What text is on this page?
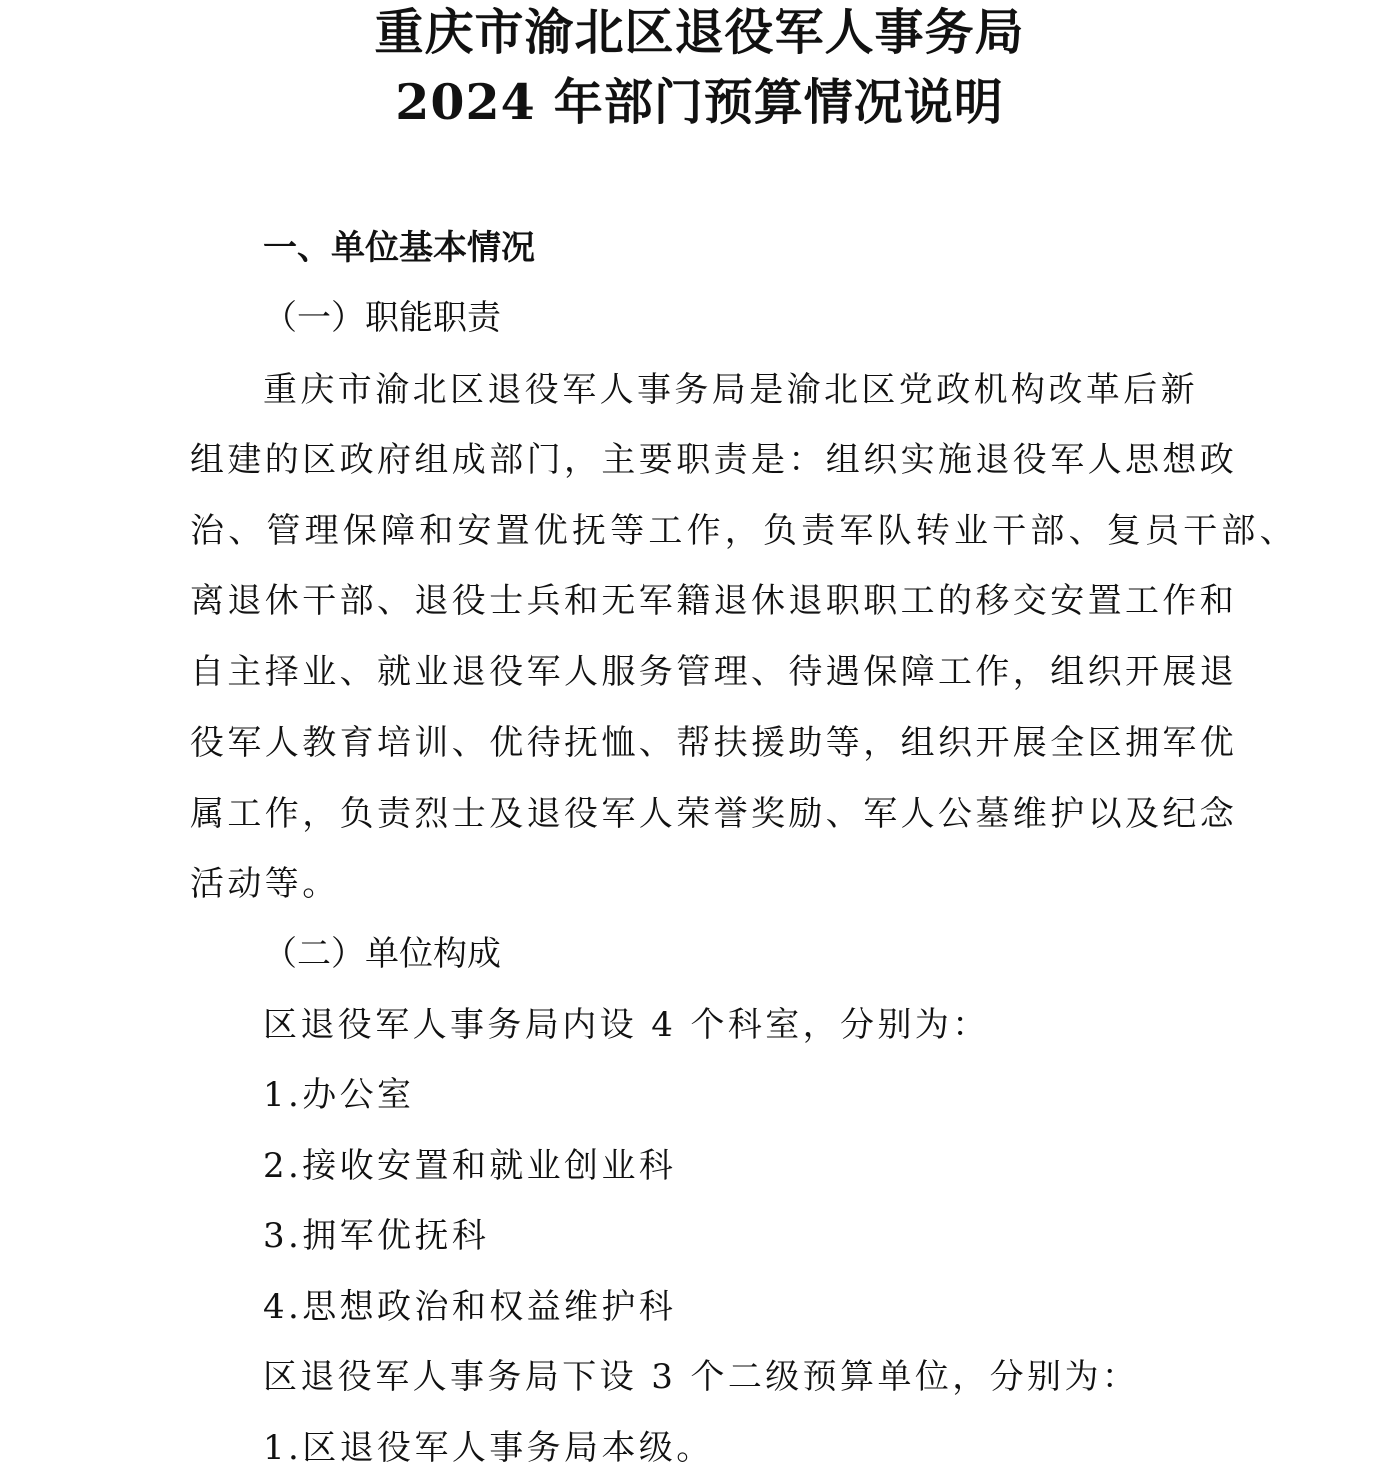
重庆市渝北区退役军人事务局
2024 年部门预算情况说明
一、单位基本情况
（一）职能职责
重庆市渝北区退役军人事务局是渝北区党政机构改革后新
组建的区政府组成部门，主要职责是：组织实施退役军人思想政
治、管理保障和安置优抚等工作，负责军队转业干部、复员干部、
离退休干部、退役士兵和无军籍退休退职职工的移交安置工作和
自主择业、就业退役军人服务管理、待遇保障工作，组织开展退
役军人教育培训、优待抚恤、帮扶援助等，组织开展全区拥军优
属工作，负责烈士及退役军人荣誉奖励、军人公墓维护以及纪念
活动等。
（二）单位构成
区退役军人事务局内设 4 个科室，分别为：
1.办公室
2.接收安置和就业创业科
3.拥军优抚科
4.思想政治和权益维护科
区退役军人事务局下设 3 个二级预算单位，分别为：
1.区退役军人事务局本级。
